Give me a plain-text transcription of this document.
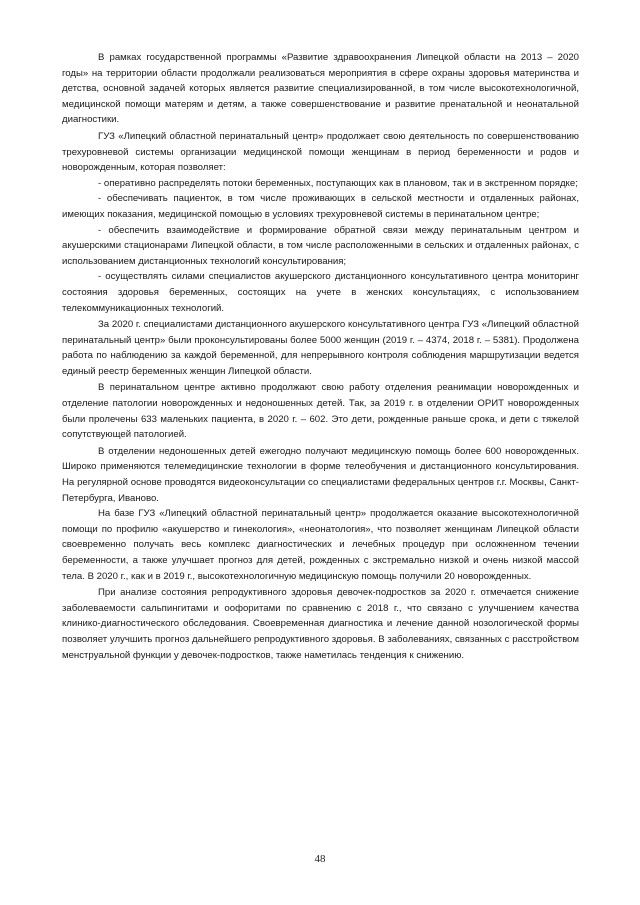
В рамках государственной программы «Развитие здравоохранения Липецкой области на 2013 – 2020 годы» на территории области продолжали реализоваться мероприятия в сфере охраны здоровья материнства и детства, основной задачей которых является развитие специализированной, в том числе высокотехнологичной, медицинской помощи матерям и детям, а также совершенствование и развитие пренатальной и неонатальной диагностики.

ГУЗ «Липецкий областной перинатальный центр» продолжает свою деятельность по совершенствованию трехуровневой системы организации медицинской помощи женщинам в период беременности и родов и новорожденным, которая позволяет:

- оперативно распределять потоки беременных, поступающих как в плановом, так и в экстренном порядке;

- обеспечивать пациенток, в том числе проживающих в сельской местности и отдаленных районах, имеющих показания, медицинской помощью в условиях трехуровневой системы в перинатальном центре;

- обеспечить взаимодействие и формирование обратной связи между перинатальным центром и акушерскими стационарами Липецкой области, в том числе расположенными в сельских и отдаленных районах, с использованием дистанционных технологий консультирования;

- осуществлять силами специалистов акушерского дистанционного консультативного центра мониторинг состояния здоровья беременных, состоящих на учете в женских консультациях, с использованием телекоммуникационных технологий.

За 2020 г. специалистами дистанционного акушерского консультативного центра ГУЗ «Липецкий областной перинатальный центр» были проконсультированы более 5000 женщин (2019 г. – 4374, 2018 г. – 5381). Продолжена работа по наблюдению за каждой беременной, для непрерывного контроля соблюдения маршрутизации ведется единый реестр беременных женщин Липецкой области.

В перинатальном центре активно продолжают свою работу отделения реанимации новорожденных и отделение патологии новорожденных и недоношенных детей. Так, за 2019 г. в отделении ОРИТ новорожденных были пролечены 633 маленьких пациента, в 2020 г. – 602. Это дети, рожденные раньше срока, и дети с тяжелой сопутствующей патологией.

В отделении недоношенных детей ежегодно получают медицинскую помощь более 600 новорожденных. Широко применяются телемедицинские технологии в форме телеобучения и дистанционного консультирования. На регулярной основе проводятся видеоконсультации со специалистами федеральных центров г.г. Москвы, Санкт-Петербурга, Иваново.

На базе ГУЗ «Липецкий областной перинатальный центр» продолжается оказание высокотехнологичной помощи по профилю «акушерство и гинекология», «неонатология», что позволяет женщинам Липецкой области своевременно получать весь комплекс диагностических и лечебных процедур при осложненном течении беременности, а также улучшает прогноз для детей, рожденных с экстремально низкой и очень низкой массой тела. В 2020 г., как и в 2019 г., высокотехнологичную медицинскую помощь получили 20 новорожденных.

При анализе состояния репродуктивного здоровья девочек-подростков за 2020 г. отмечается снижение заболеваемости сальпингитами и оофоритами по сравнению с 2018 г., что связано с улучшением качества клинико-диагностического обследования. Своевременная диагностика и лечение данной нозологической формы позволяет улучшить прогноз дальнейшего репродуктивного здоровья. В заболеваниях, связанных с расстройством менструальной функции у девочек-подростков, также наметилась тенденция к снижению.

48
